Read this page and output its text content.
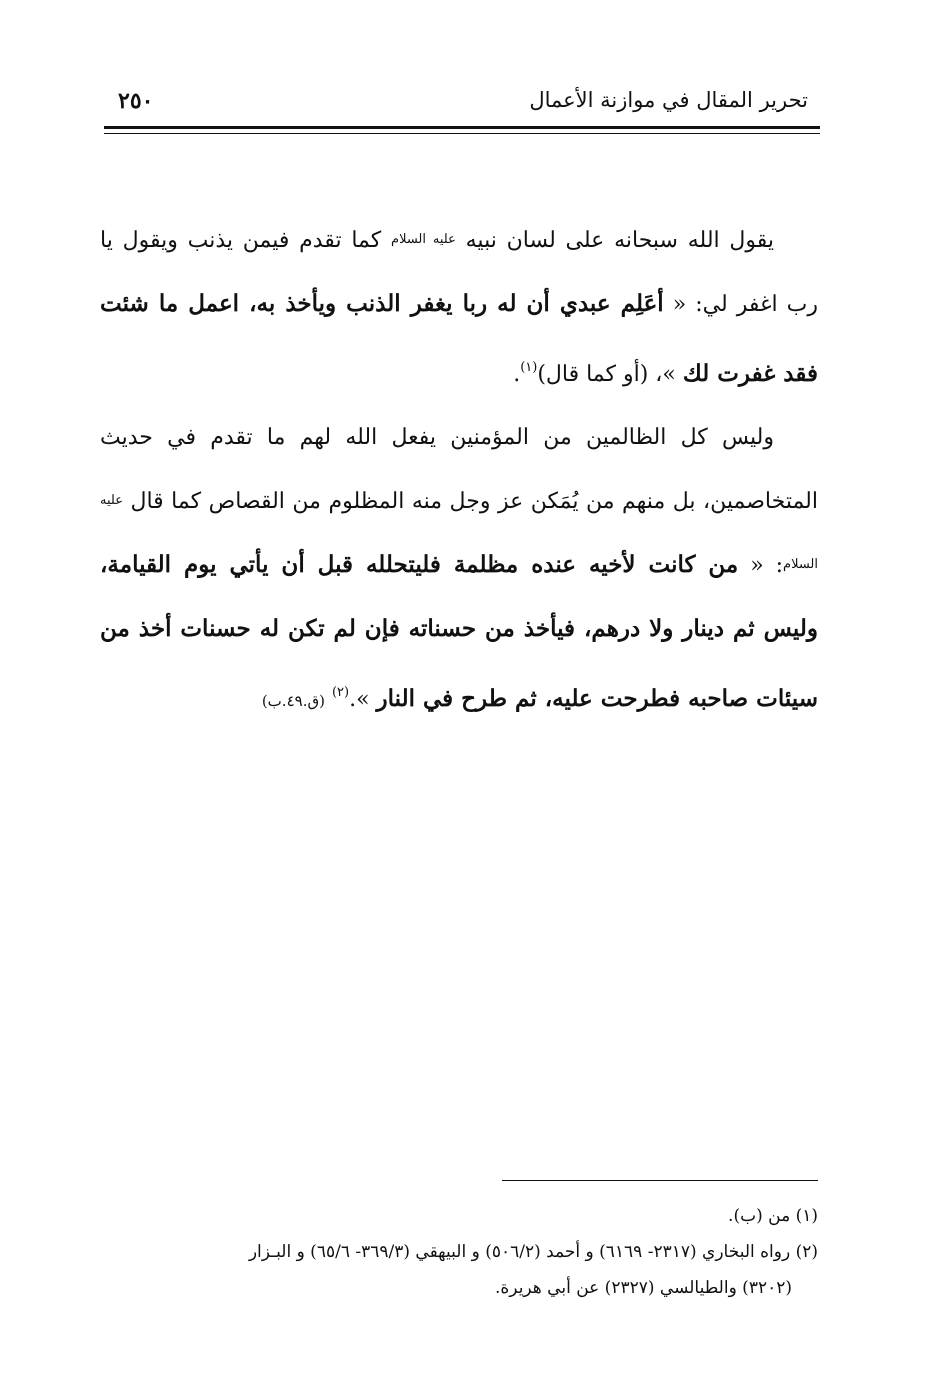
تحرير المقال في موازنة الأعمال
٢٥٠

يقول الله سبحانه على لسان نبيه عليه السلام كما تقدم فيمن يذنب ويقول يا رب اغفر لي: « أعَلِم عبدي أن له ربا يغفر الذنب ويأخذ به، اعمل ما شئت فقد غفرت لك »، (أو كما قال)$^{(١)}$.

وليس كل الظالمين من المؤمنين يفعل الله لهم ما تقدم في حديث المتخاصمين، بل منهم من يُمَكن عز وجل منه المظلوم من القصاص كما قال عليه السلام: « من كانت لأخيه عنده مظلمة فليتحلله قبل أن يأتي يوم القيامة، وليس ثم دينار ولا درهم، فيأخذ من حسناته فإن لم تكن له حسنات أخذ من سيئات صاحبه فطرحت عليه، ثم طرح في النار ».$^{(٢)}$ (ق.٤٩.ب)

(١) من (ب).

(٢) رواه البخاري (٢٣١٧- ٦١٦٩) و أحمد (٥٠٦/٢) و البيهقي (٣٦٩/٣- ٦٥/٦) و البـزار

(٣٢٠٢) والطيالسي (٢٣٢٧) عن أبي هريرة.
